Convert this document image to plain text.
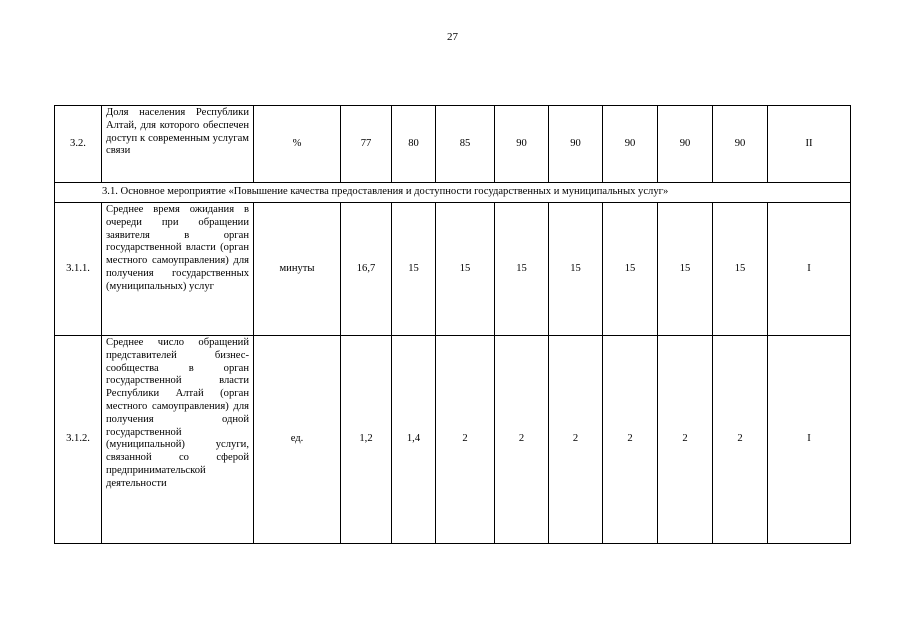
27
3.2.	Доля населения Республики Алтай, для которого обеспечен доступ к современным услугам связи	%	77	80	85	90	90	90	90	90	II
3.1. Основное мероприятие «Повышение качества предоставления и доступности государственных и муниципальных услуг»											
3.1.1.	Среднее время ожидания в очереди при обращении заявителя в орган государственной власти (орган местного самоуправления) для получения государственных (муниципальных) услуг	минуты	16,7	15	15	15	15	15	15	15	I
3.1.2.	Среднее число обращений представителей бизнес-сообщества в орган государственной власти Республики Алтай (орган местного самоуправления) для получения одной государственной (муниципальной) услуги, связанной со сферой предпринимательской деятельности	ед.	1,2	1,4	2	2	2	2	2	2	I
